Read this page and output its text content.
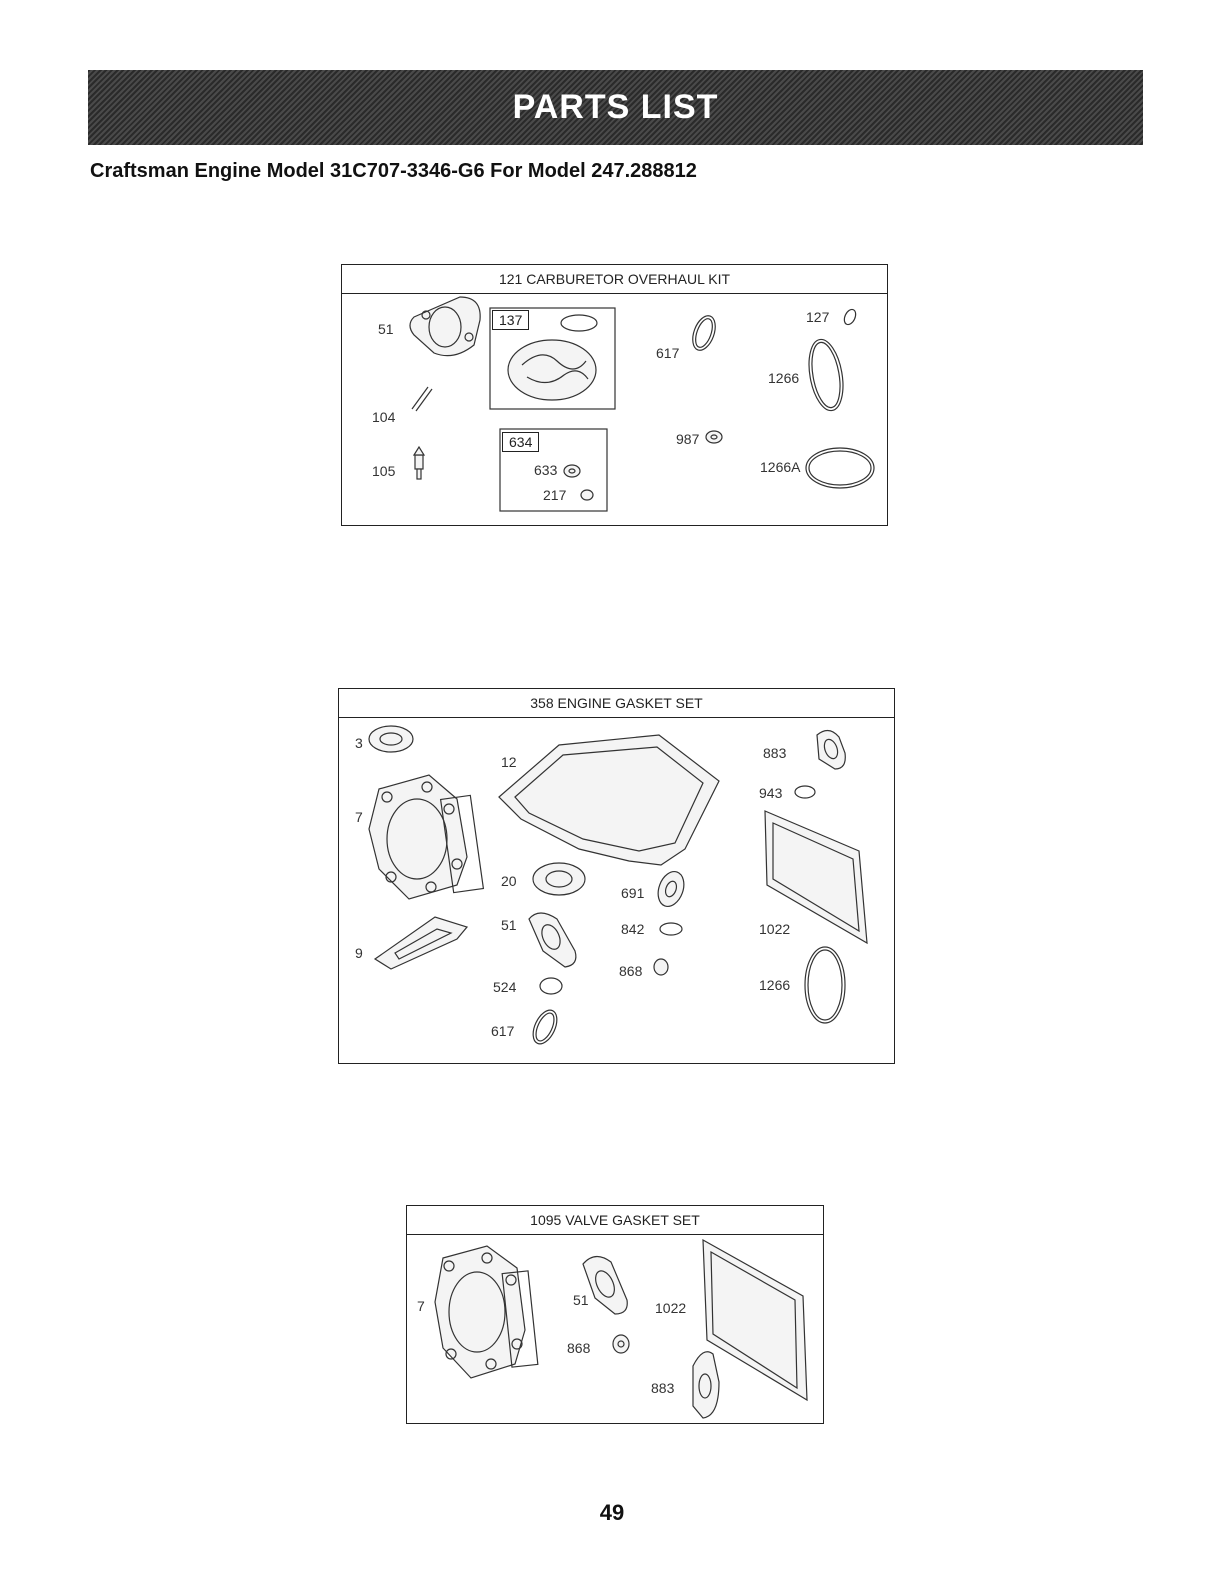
PARTS LIST
Craftsman Engine Model 31C707-3346-G6 For Model 247.288812
121 CARBURETOR OVERHAUL KIT
51
104
105
137
634
633
217
617
987
127
1266
1266A
358 ENGINE GASKET SET
3
7
9
12
20
51
524
617
691
842
868
883
943
1022
1266
1095 VALVE GASKET SET
7	51
868
883
1022
49
